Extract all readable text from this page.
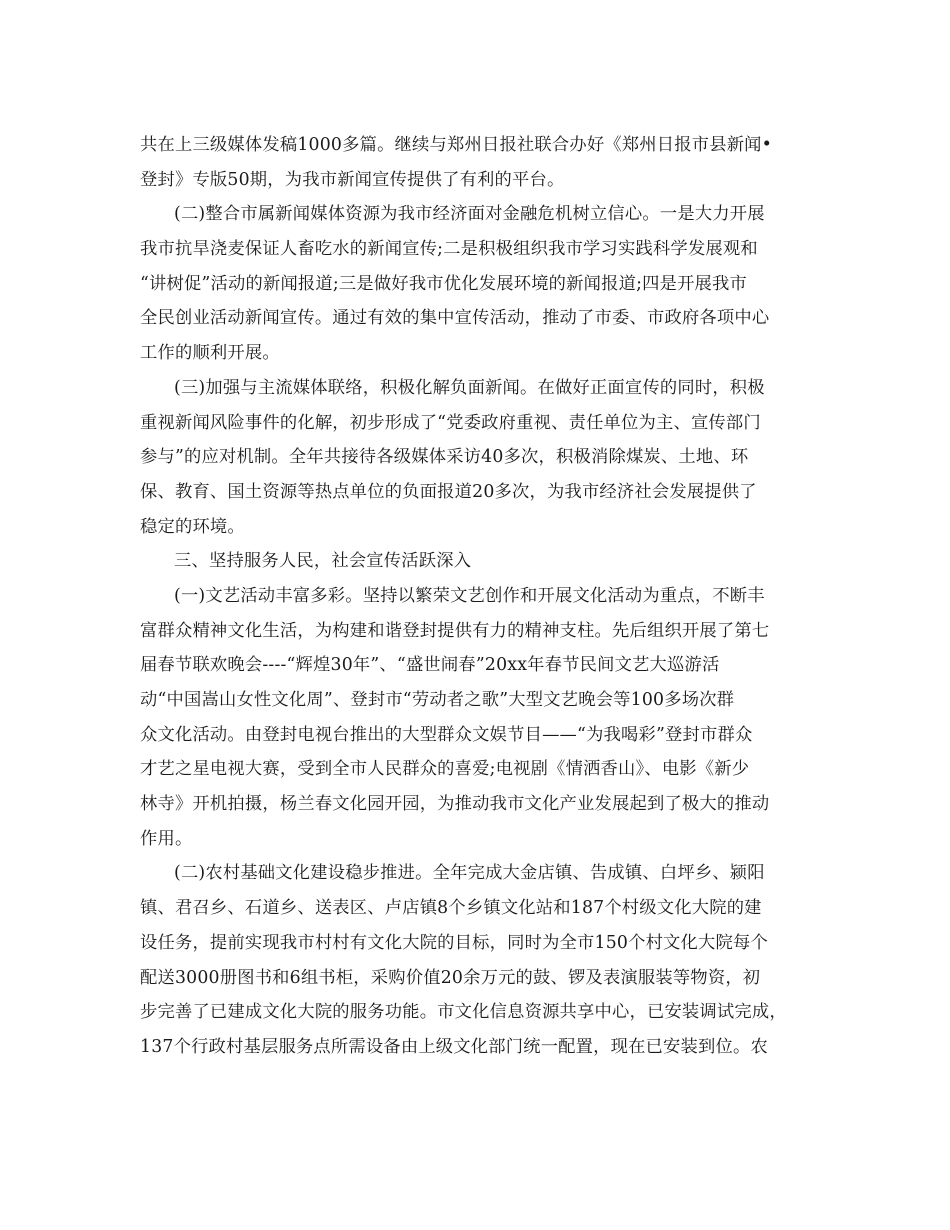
共在上三级媒体发稿1000多篇。继续与郑州日报社联合办好《郑州日报市县新闻•
登封》专版50期，为我市新闻宣传提供了有利的平台。
(二)整合市属新闻媒体资源为我市经济面对金融危机树立信心。一是大力开展
我市抗旱浇麦保证人畜吃水的新闻宣传;二是积极组织我市学习实践科学发展观和
“讲树促”活动的新闻报道;三是做好我市优化发展环境的新闻报道;四是开展我市
全民创业活动新闻宣传。通过有效的集中宣传活动，推动了市委、市政府各项中心
工作的顺利开展。
(三)加强与主流媒体联络，积极化解负面新闻。在做好正面宣传的同时，积极
重视新闻风险事件的化解，初步形成了“党委政府重视、责任单位为主、宣传部门
参与”的应对机制。全年共接待各级媒体采访40多次，积极消除煤炭、土地、环
保、教育、国土资源等热点单位的负面报道20多次，为我市经济社会发展提供了
稳定的环境。
三、坚持服务人民，社会宣传活跃深入
(一)文艺活动丰富多彩。坚持以繁荣文艺创作和开展文化活动为重点，不断丰
富群众精神文化生活，为构建和谐登封提供有力的精神支柱。先后组织开展了第七
届春节联欢晚会----“辉煌30年”、“盛世闹春”20xx年春节民间文艺大巡游活
动“中国嵩山女性文化周”、登封市“劳动者之歌”大型文艺晚会等100多场次群
众文化活动。由登封电视台推出的大型群众文娱节目——“为我喝彩”登封市群众
才艺之星电视大赛，受到全市人民群众的喜爱;电视剧《情洒香山》、电影《新少
林寺》开机拍摄，杨兰春文化园开园，为推动我市文化产业发展起到了极大的推动
作用。
(二)农村基础文化建设稳步推进。全年完成大金店镇、告成镇、白坪乡、颍阳
镇、君召乡、石道乡、送表区、卢店镇8个乡镇文化站和187个村级文化大院的建
设任务，提前实现我市村村有文化大院的目标，同时为全市150个村文化大院每个
配送3000册图书和6组书柜，采购价值20余万元的鼓、锣及表演服装等物资，初
步完善了已建成文化大院的服务功能。市文化信息资源共享中心，已安装调试完成，
137个行政村基层服务点所需设备由上级文化部门统一配置，现在已安装到位。农
